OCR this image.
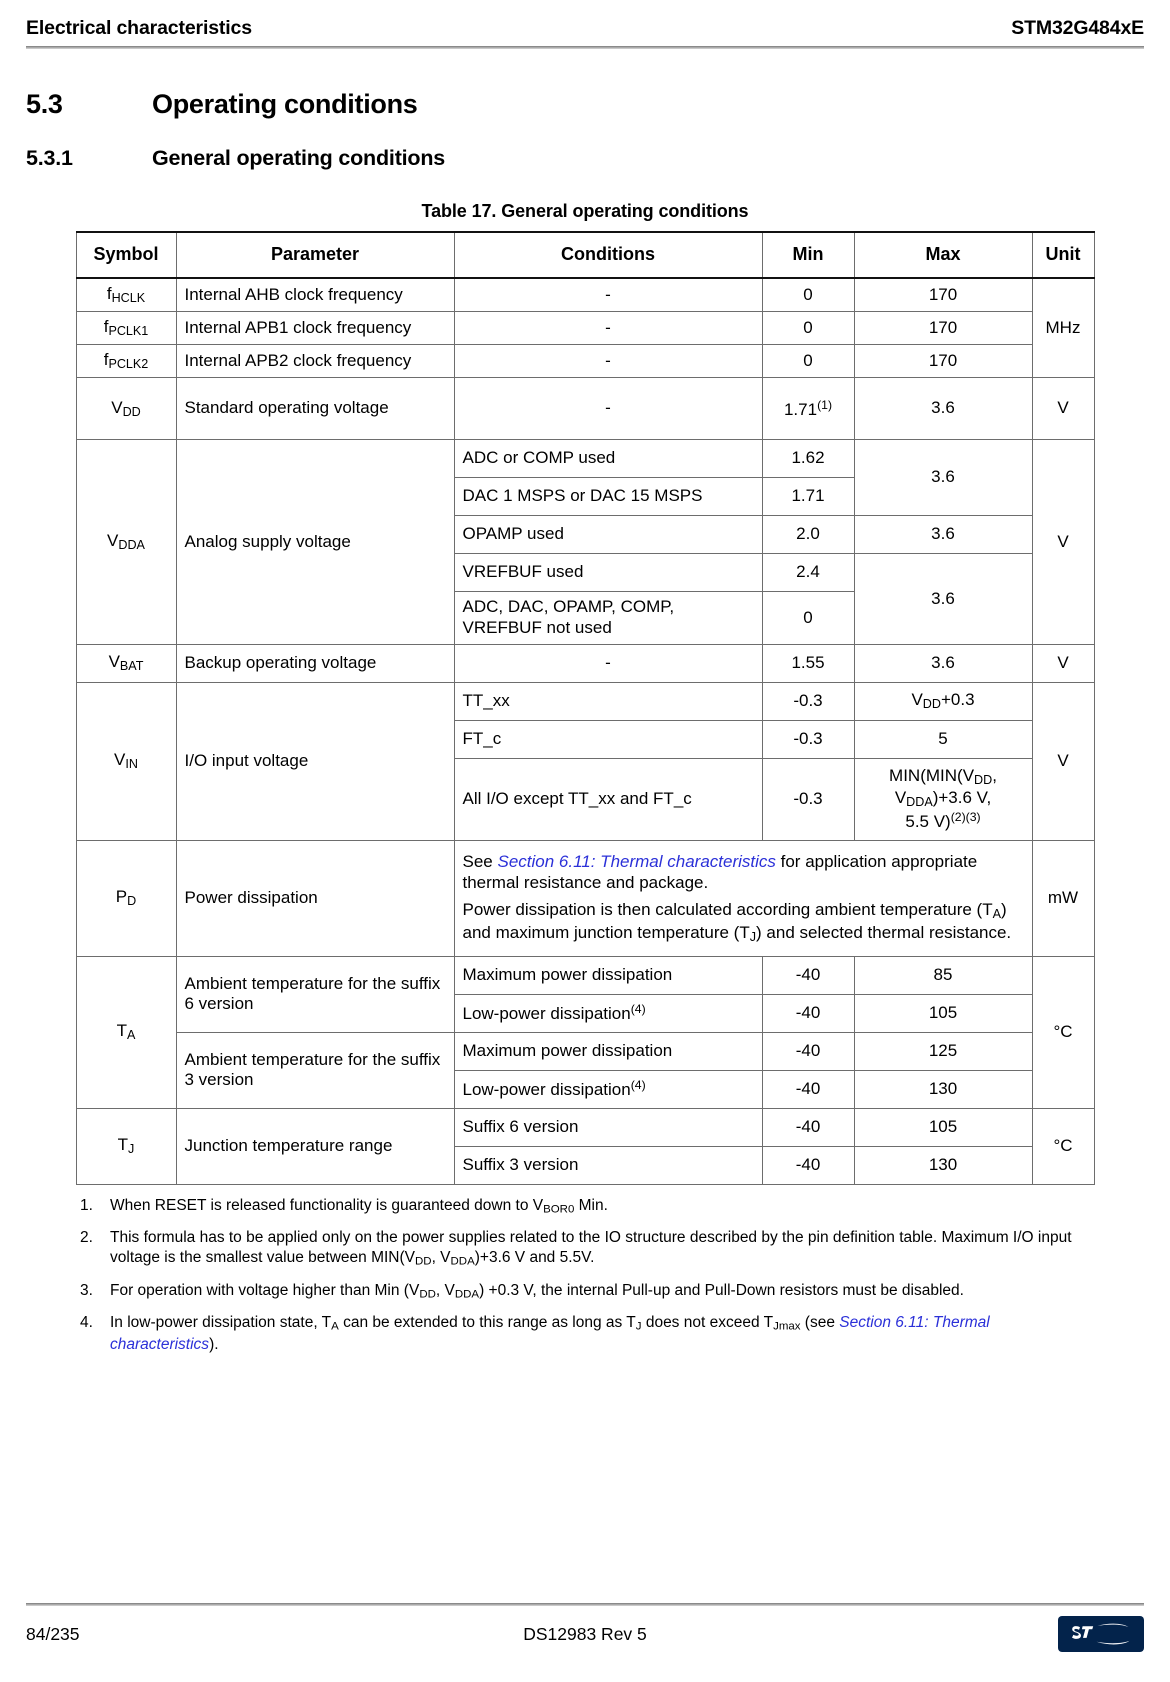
Electrical characteristics	STM32G484xE
5.3	Operating conditions
5.3.1	General operating conditions
Table 17. General operating conditions
Symbol	Parameter	Conditions	Min	Max	Unit
$f_{HCLK}$	Internal AHB clock frequency	-	0	170	MHz
$f_{PCLK1}$	Internal APB1 clock frequency	-	0	170	
$f_{PCLK2}$	Internal APB2 clock frequency	-	0	170	
$V_{DD}$	Standard operating voltage	-	1.71$^{(1)}$	3.6	V
$V_{DDA}$	Analog supply voltage	ADC or COMP used	1.62	3.6	V
		DAC 1 MSPS or DAC 15 MSPS	1.71		
		OPAMP used	2.0	3.6	
		VREFBUF used	2.4	3.6	
		ADC, DAC, OPAMP, COMP, VREFBUF not used	0		
$V_{BAT}$	Backup operating voltage	-	1.55	3.6	V
$V_{IN}$	I/O input voltage	TT_xx	-0.3	$V_{DD}+0.3$	V
		FT_c	-0.3	5	
		All I/O except TT_xx and FT_c	-0.3	$MIN(MIN(V_{DD}$,
$V_{DDA})+3.6$ V,
5.5 V)$^{(2)(3)}$
$P_D$	Power dissipation	See Section 6.11: Thermal characteristics for application appropriate thermal resistance and package.

Power dissipation is then calculated according ambient temperature $(T_A)$ and maximum junction temperature $(T_J)$ and selected thermal resistance.			mW
$T_A$	Ambient temperature for the suffix 6 version	Maximum power dissipation	-40	85	°C
		Low-power dissipation$^{(4)}$	-40	105	
	Ambient temperature for the suffix 3 version	Maximum power dissipation	-40	125	
		Low-power dissipation$^{(4)}$	-40	130	
$T_J$	Junction temperature range	Suffix 6 version	-40	105	°C
		Suffix 3 version	-40	130	
1.	When RESET is released functionality is guaranteed down to $V_{BOR0}$ Min.
2.	This formula has to be applied only on the power supplies related to the IO structure described by the pin definition table. Maximum I/O input voltage is the smallest value between $MIN(V_{DD}$, $V_{DDA})+3.6$ V and 5.5V.
3.	For operation with voltage higher than Min ($V_{DD}$, $V_{DDA}) +0.3$ V, the internal Pull-up and Pull-Down resistors must be disabled.
4.	In low-power dissipation state, $T_A$ can be extended to this range as long as $T_J$ does not exceed $T_{Jmax}$ (see Section 6.11: Thermal characteristics).
84/235	DS12983 Rev 5
